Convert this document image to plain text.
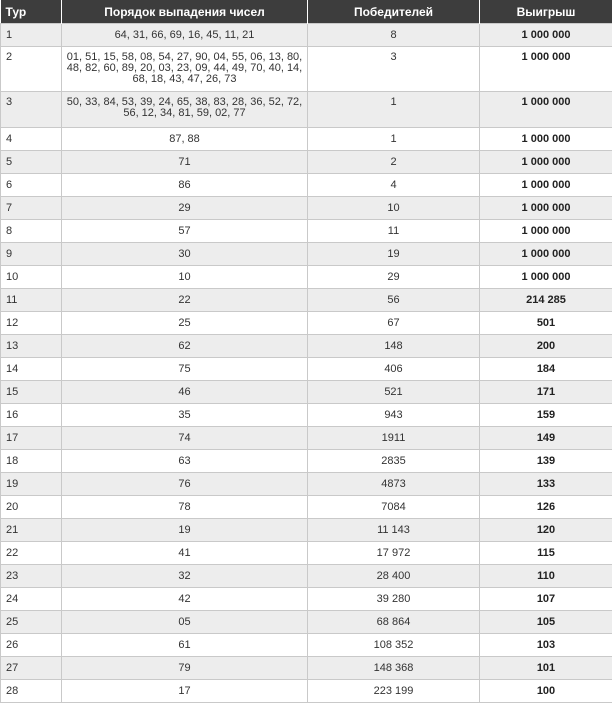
Тур	Порядок выпадения чисел	Победителей	Выигрыш
1	64, 31, 66, 69, 16, 45, 11, 21	8	1 000 000
2	01, 51, 15, 58, 08, 54, 27, 90, 04, 55, 06, 13, 80, 48, 82, 60, 89, 20, 03, 23, 09, 44, 49, 70, 40, 14, 68, 18, 43, 47, 26, 73	3	1 000 000
3	50, 33, 84, 53, 39, 24, 65, 38, 83, 28, 36, 52, 72, 56, 12, 34, 81, 59, 02, 77	1	1 000 000
4	87, 88	1	1 000 000
5	71	2	1 000 000
6	86	4	1 000 000
7	29	10	1 000 000
8	57	11	1 000 000
9	30	19	1 000 000
10	10	29	1 000 000
11	22	56	214 285
12	25	67	501
13	62	148	200
14	75	406	184
15	46	521	171
16	35	943	159
17	74	1911	149
18	63	2835	139
19	76	4873	133
20	78	7084	126
21	19	11 143	120
22	41	17 972	115
23	32	28 400	110
24	42	39 280	107
25	05	68 864	105
26	61	108 352	103
27	79	148 368	101
28	17	223 199	100
